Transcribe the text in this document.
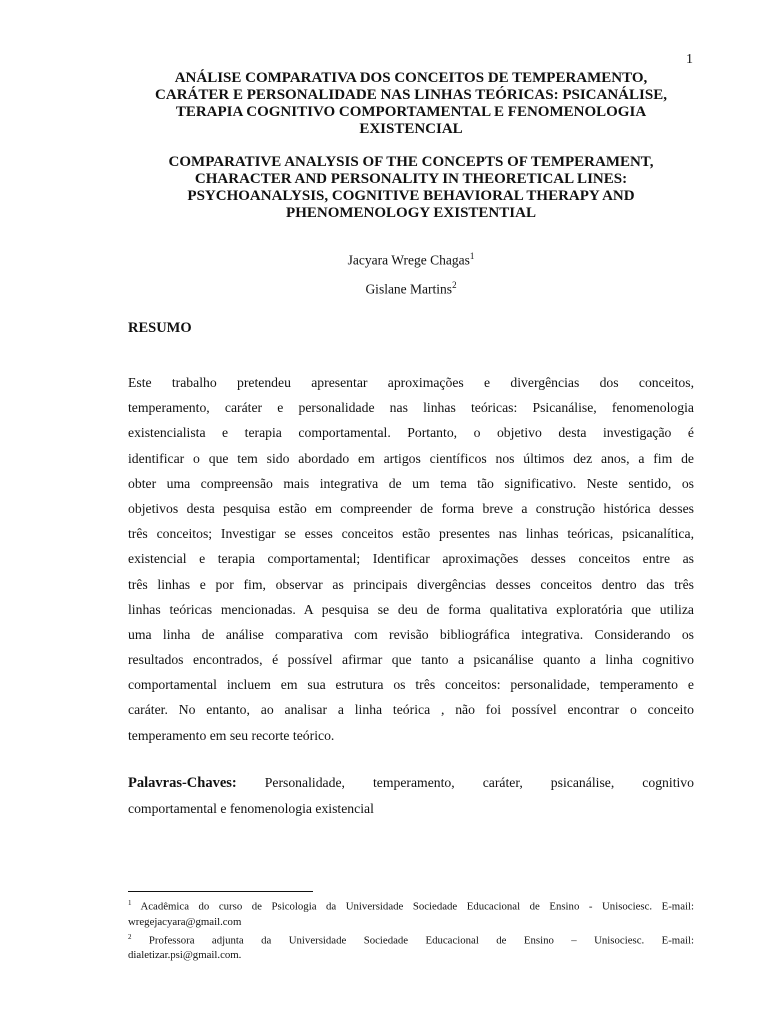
1
ANÁLISE COMPARATIVA DOS CONCEITOS DE TEMPERAMENTO,
CARÁTER E PERSONALIDADE NAS LINHAS TEÓRICAS: PSICANÁLISE,
TERAPIA COGNITIVO COMPORTAMENTAL E FENOMENOLOGIA
EXISTENCIAL
COMPARATIVE ANALYSIS OF THE CONCEPTS OF TEMPERAMENT,
CHARACTER AND PERSONALITY IN THEORETICAL LINES:
PSYCHOANALYSIS, COGNITIVE BEHAVIORAL THERAPY AND
PHENOMENOLOGY EXISTENTIAL
Jacyara Wrege Chagas$^1$
Gislane Martins$^2$
RESUMO
Este trabalho pretendeu apresentar aproximações e divergências dos conceitos,
temperamento, caráter e personalidade nas linhas teóricas: Psicanálise, fenomenologia
existencialista e terapia comportamental. Portanto, o objetivo desta investigação é
identificar o que tem sido abordado em artigos científicos nos últimos dez anos, a fim de
obter uma compreensão mais integrativa de um tema tão significativo. Neste sentido, os
objetivos desta pesquisa estão em compreender de forma breve a construção histórica desses
três conceitos; Investigar se esses conceitos estão presentes nas linhas teóricas, psicanalítica,
existencial e terapia comportamental; Identificar aproximações desses conceitos entre as
três linhas e por fim, observar as principais divergências desses conceitos dentro das três
linhas teóricas mencionadas. A pesquisa se deu de forma qualitativa exploratória que utiliza
uma linha de análise comparativa com revisão bibliográfica integrativa. Considerando os
resultados encontrados, é possível afirmar que tanto a psicanálise quanto a linha cognitivo
comportamental incluem em sua estrutura os três conceitos: personalidade, temperamento e
caráter. No entanto, ao analisar a linha teórica , não foi possível encontrar o conceito
temperamento em seu recorte teórico.
Palavras-Chaves: Personalidade, temperamento, caráter, psicanálise, cognitivo
comportamental e fenomenologia existencial
$^1$ Acadêmica do curso de Psicologia da Universidade Sociedade Educacional de Ensino - Unisociesc. E-mail:
wregejacyara@gmail.com
$^2$ Professora adjunta da Universidade Sociedade Educacional de Ensino – Unisociesc. E-mail:
dialetizar.psi@gmail.com.
